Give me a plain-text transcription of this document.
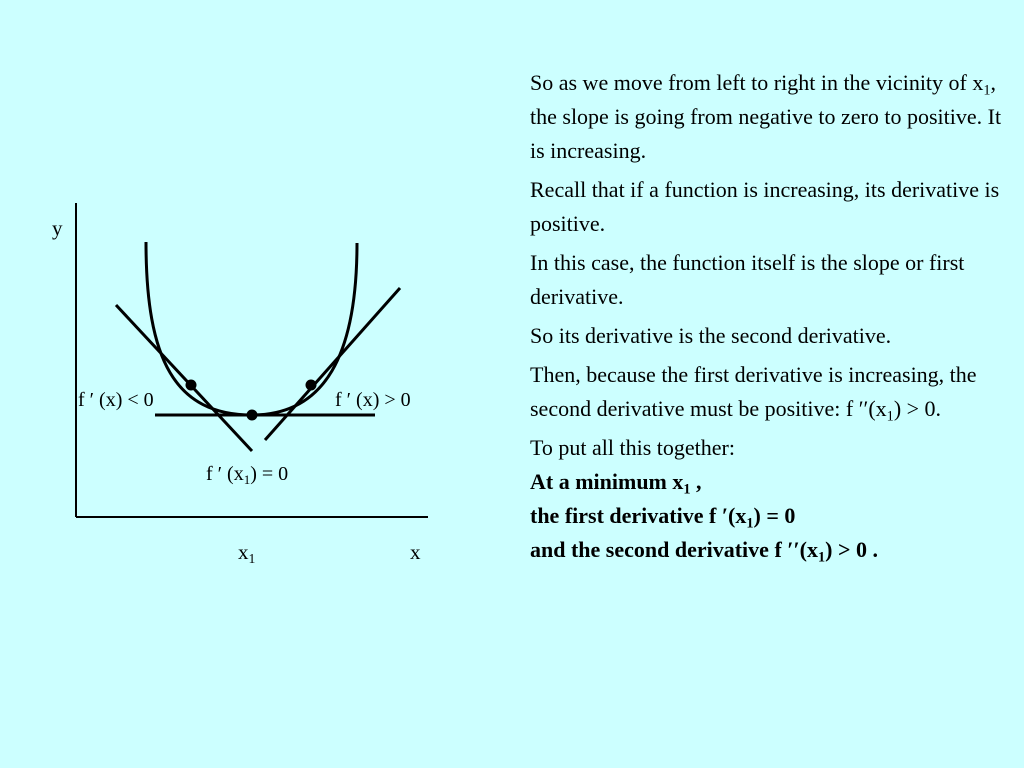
y
x
$x_1$
f ′ (x) < 0	f ′ (x) > 0
f ′ $(x_1) = 0$

So as we move from left to right in the vicinity of $x_1$, the slope is going from negative to zero to positive. It is increasing.

Recall that if a function is increasing, its derivative is positive.

In this case, the function itself is the slope or first derivative.

So its derivative is the second derivative.

Then, because the first derivative is increasing, the second derivative must be positive: f $''(x_1) > 0$.

To put all this together:
At a minimum $x_1$ ,
the first derivative f $'(x_1) = 0$
and the second derivative f $''(x_1) > 0$ .
